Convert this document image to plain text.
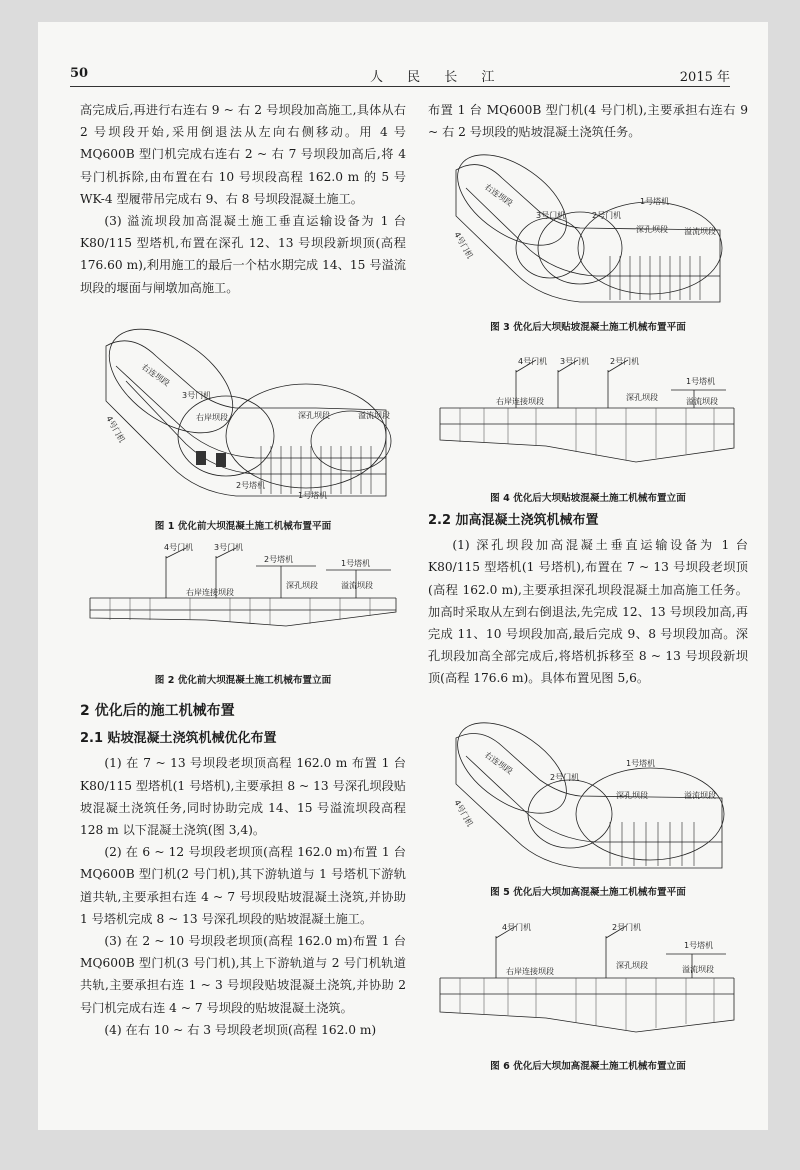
50	人 民 长 江	2015 年

高完成后,再进行右连右 9 ~ 右 2 号坝段加高施工,具体从右 2 号坝段开始,采用倒退法从左向右侧移动。用 4 号 MQ600B 型门机完成右连右 2 ~ 右 7 号坝段加高后,将 4 号门机拆除,由布置在右 10 号坝段高程 162.0 m 的 5 号 WK-4 型履带吊完成右 9、右 8 号坝段混凝土施工。

(3) 溢流坝段加高混凝土施工垂直运输设备为 1 台 K80/115 型塔机,布置在深孔 12、13 号坝段新坝顶(高程 176.60 m),利用施工的最后一个枯水期完成 14、15 号溢流坝段的堰面与闸墩加高施工。

右连坝段
3号门机
右岸坝段	深孔坝段	溢流坝段
4号门机
2号塔机
1号塔机
图 1 优化前大坝混凝土施工机械布置平面
4号门机	3号门机
2号塔机	1号塔机
右岸连接坝段
深孔坝段	溢流坝段
图 2 优化前大坝混凝土施工机械布置立面

2 优化后的施工机械布置

2.1 贴坡混凝土浇筑机械优化布置

(1) 在 7 ~ 13 号坝段老坝顶高程 162.0 m 布置 1 台 K80/115 型塔机(1 号塔机),主要承担 8 ~ 13 号深孔坝段贴坡混凝土浇筑任务,同时协助完成 14、15 号溢流坝段高程 128 m 以下混凝土浇筑(图 3,4)。

(2) 在 6 ~ 12 号坝段老坝顶(高程 162.0 m)布置 1 台 MQ600B 型门机(2 号门机),其下游轨道与 1 号塔机下游轨道共轨,主要承担右连 4 ~ 7 号坝段贴坡混凝土浇筑,并协助 1 号塔机完成 8 ~ 13 号深孔坝段的贴坡混凝土施工。

(3) 在 2 ~ 10 号坝段老坝顶(高程 162.0 m)布置 1 台 MQ600B 型门机(3 号门机),其上下游轨道与 2 号门机轨道共轨,主要承担右连 1 ~ 3 号坝段贴坡混凝土浇筑,并协助 2 号门机完成右连 4 ~ 7 号坝段的贴坡混凝土浇筑。

(4) 在右 10 ~ 右 3 号坝段老坝顶(高程 162.0 m)

布置 1 台 MQ600B 型门机(4 号门机),主要承担右连右 9 ~ 右 2 号坝段的贴坡混凝土浇筑任务。

右连坝段
3号门机	2号门机
1号塔机
深孔坝段 溢流坝段
4号门机
图 3 优化后大坝贴坡混凝土施工机械布置平面
4号门机 3号门机	2号门机
1号塔机
右岸连接坝段	深孔坝段	溢流坝段
图 4 优化后大坝贴坡混凝土施工机械布置立面

2.2 加高混凝土浇筑机械布置

(1) 深孔坝段加高混凝土垂直运输设备为 1 台 K80/115 型塔机(1 号塔机),布置在 7 ~ 13 号坝段老坝顶(高程 162.0 m),主要承担深孔坝段混凝土加高施工任务。加高时采取从左到右倒退法,先完成 12、13 号坝段加高,再完成 11、10 号坝段加高,最后完成 9、8 号坝段加高。深孔坝段加高全部完成后,将塔机拆移至 8 ~ 13 号坝段新坝顶(高程 176.6 m)。具体布置见图 5,6。

右连坝段
2号门机
1号塔机
深孔坝段	溢流坝段
4号门机
图 5 优化后大坝加高混凝土施工机械布置平面
4号门机	2号门机
1号塔机
右岸连接坝段
深孔坝段	溢流坝段
图 6 优化后大坝加高混凝土施工机械布置立面
